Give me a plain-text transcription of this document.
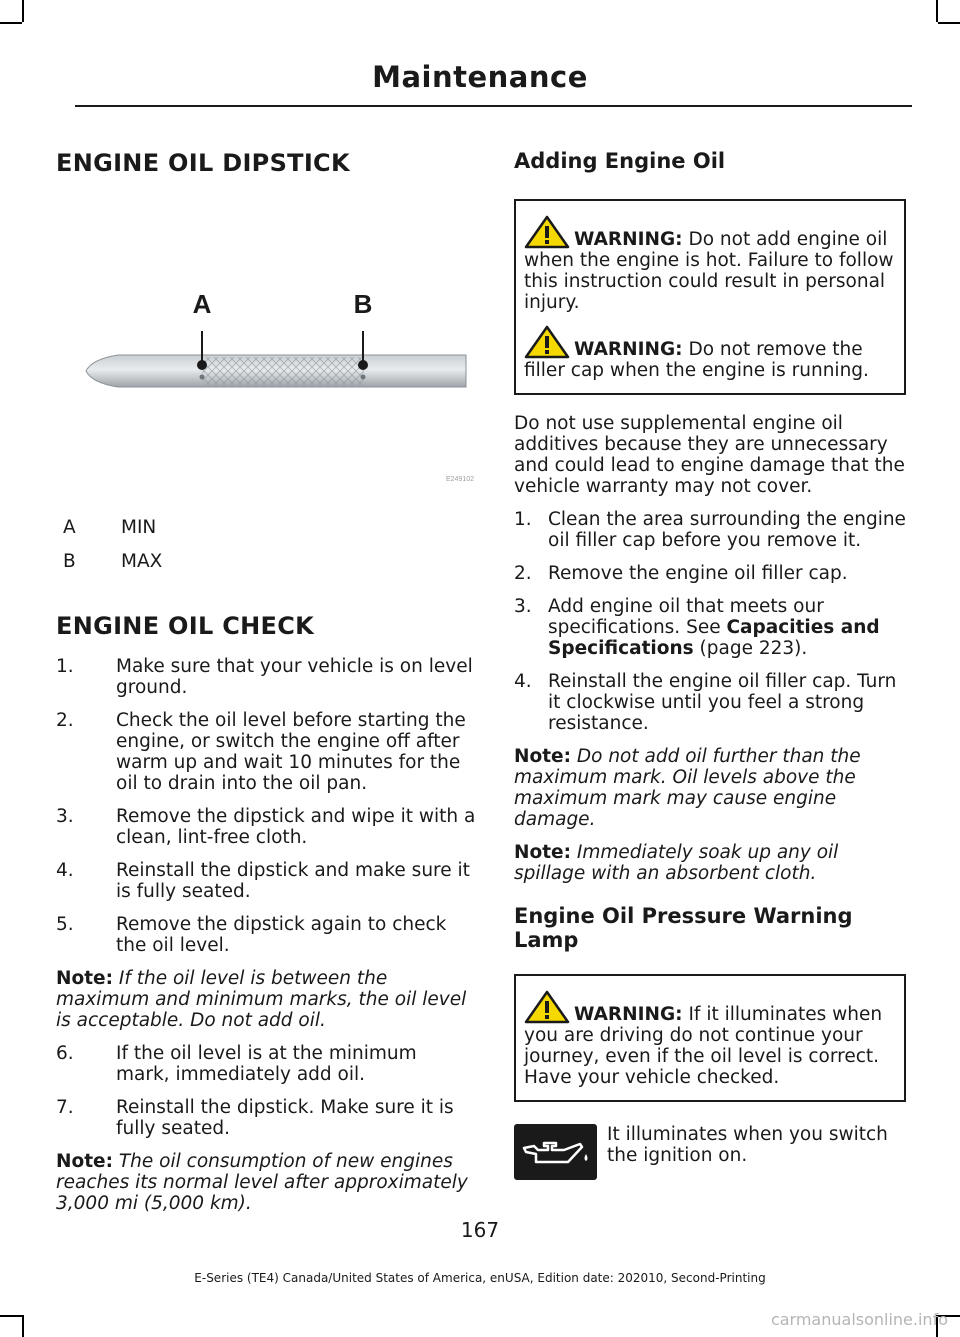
Maintenance
ENGINE OIL DIPSTICK
A	B
E249102
A	MIN
B	MAX
ENGINE OIL CHECK
1. Make sure that your vehicle is on level ground.
2. Check the oil level before starting the engine, or switch the engine off after warm up and wait 10 minutes for the oil to drain into the oil pan.
3. Remove the dipstick and wipe it with a clean, lint-free cloth.
4. Reinstall the dipstick and make sure it is fully seated.
5. Remove the dipstick again to check the oil level.

Note: If the oil level is between the maximum and minimum marks, the oil level is acceptable. Do not add oil.

6. If the oil level is at the minimum mark, immediately add oil.
7. Reinstall the dipstick. Make sure it is fully seated.

Note: The oil consumption of new engines reaches its normal level after approximately 3,000 mi (5,000 km).

Adding Engine Oil

WARNING: Do not add engine oil when the engine is hot. Failure to follow this instruction could result in personal injury.

WARNING: Do not remove the filler cap when the engine is running.

Do not use supplemental engine oil additives because they are unnecessary and could lead to engine damage that the vehicle warranty may not cover.

1. Clean the area surrounding the engine oil filler cap before you remove it.
2. Remove the engine oil filler cap.
3. Add engine oil that meets our specifications. See Capacities and Specifications (page 223).
4. Reinstall the engine oil filler cap. Turn it clockwise until you feel a strong resistance.

Note: Do not add oil further than the maximum mark. Oil levels above the maximum mark may cause engine damage.

Note: Immediately soak up any oil spillage with an absorbent cloth.

Engine Oil Pressure Warning Lamp

WARNING: If it illuminates when you are driving do not continue your journey, even if the oil level is correct. Have your vehicle checked.

It illuminates when you switch the ignition on.

167
E-Series (TE4) Canada/United States of America, enUSA, Edition date: 202010, Second-Printing
carmanualsonline.info
